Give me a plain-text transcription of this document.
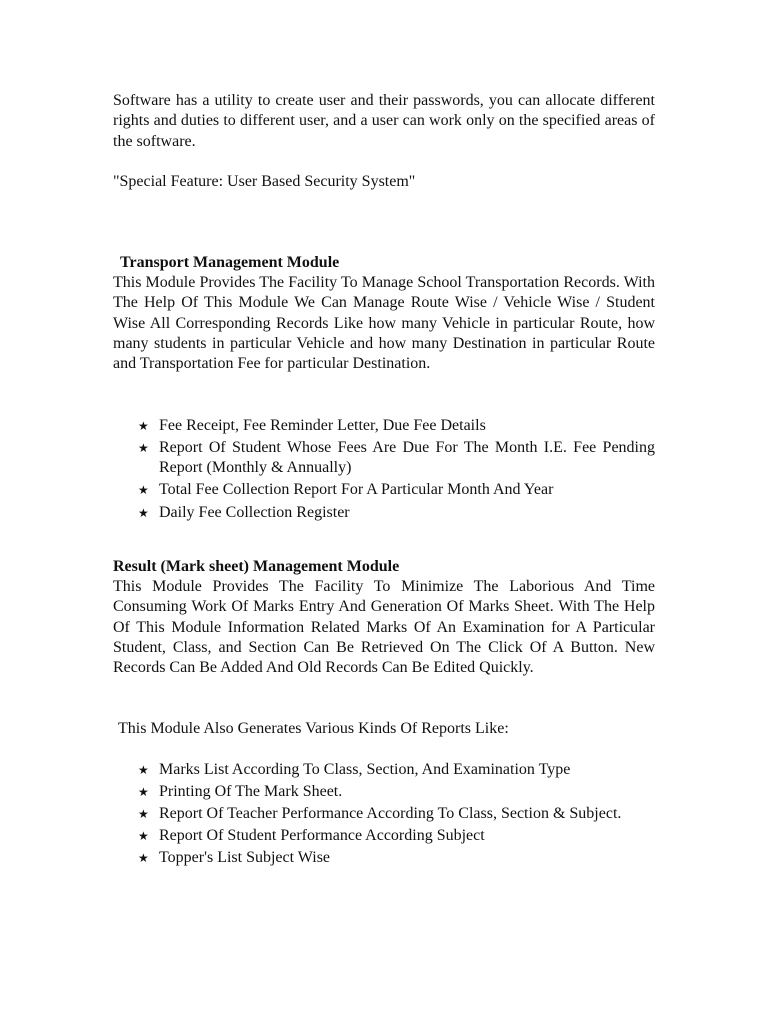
Software has a utility to create user and their passwords, you can allocate different rights and duties to different user, and a user can work only on the specified areas of the software.

"Special Feature: User Based Security System"

Transport Management Module

This Module Provides The Facility To Manage School Transportation Records. With The Help Of This Module We Can Manage Route Wise / Vehicle Wise / Student Wise All Corresponding Records Like how many Vehicle in particular Route, how many students in particular Vehicle and how many Destination in particular Route and Transportation Fee for particular Destination.

★ Fee Receipt, Fee Reminder Letter, Due Fee Details
★ Report Of Student Whose Fees Are Due For The Month I.E. Fee Pending Report (Monthly & Annually)
★ Total Fee Collection Report For A Particular Month And Year
★ Daily Fee Collection Register
Result (Mark sheet) Management Module

This Module Provides The Facility To Minimize The Laborious And Time Consuming Work Of Marks Entry And Generation Of Marks Sheet. With The Help Of This Module Information Related Marks Of An Examination for A Particular Student, Class, and Section Can Be Retrieved On The Click Of A Button. New Records Can Be Added And Old Records Can Be Edited Quickly.

This Module Also Generates Various Kinds Of Reports Like:

★ Marks List According To Class, Section, And Examination Type
★ Printing Of The Mark Sheet.
★ Report Of Teacher Performance According To Class, Section & Subject.
★ Report Of Student Performance According Subject
★ Topper's List Subject Wise
